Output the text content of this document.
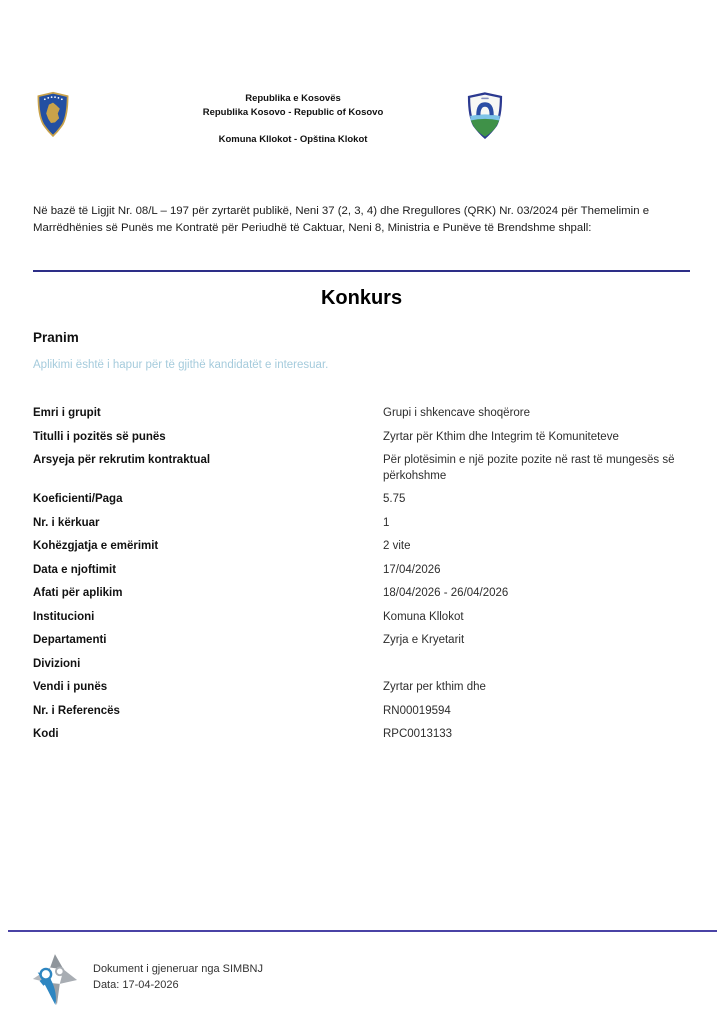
Republika e Kosovës
Republika Kosovo - Republic of Kosovo
Komuna Kllokot - Opština Klokot
Në bazë të Ligjit Nr. 08/L – 197 për zyrtarët publikë, Neni 37 (2, 3, 4) dhe Rregullores (QRK) Nr. 03/2024 për Themelimin e Marrëdhënies së Punës me Kontratë për Periudhë të Caktuar, Neni 8, Ministria e Punëve të Brendshme shpall:
Konkurs
Pranim
Aplikimi është i hapur për të gjithë kandidatët e interesuar.
Emri i grupit	Grupi i shkencave shoqërore
Titulli i pozitës së punës	Zyrtar për Kthim dhe Integrim të Komuniteteve
Arsyeja për rekrutim kontraktual	Për plotësimin e një pozite pozite në rast të mungesës së përkohshme
Koeficienti/Paga	5.75
Nr. i kërkuar	1
Kohëzgjatja e emërimit	2 vite
Data e njoftimit	17/04/2026
Afati për aplikim	18/04/2026 - 26/04/2026
Institucioni	Komuna Kllokot
Departamenti	Zyrja e Kryetarit
Divizioni
Vendi i punës	Zyrtar per kthim dhe
Nr. i Referencës	RN00019594
Kodi	RPC0013133
Dokument i gjeneruar nga SIMBNJ
Data: 17-04-2026
